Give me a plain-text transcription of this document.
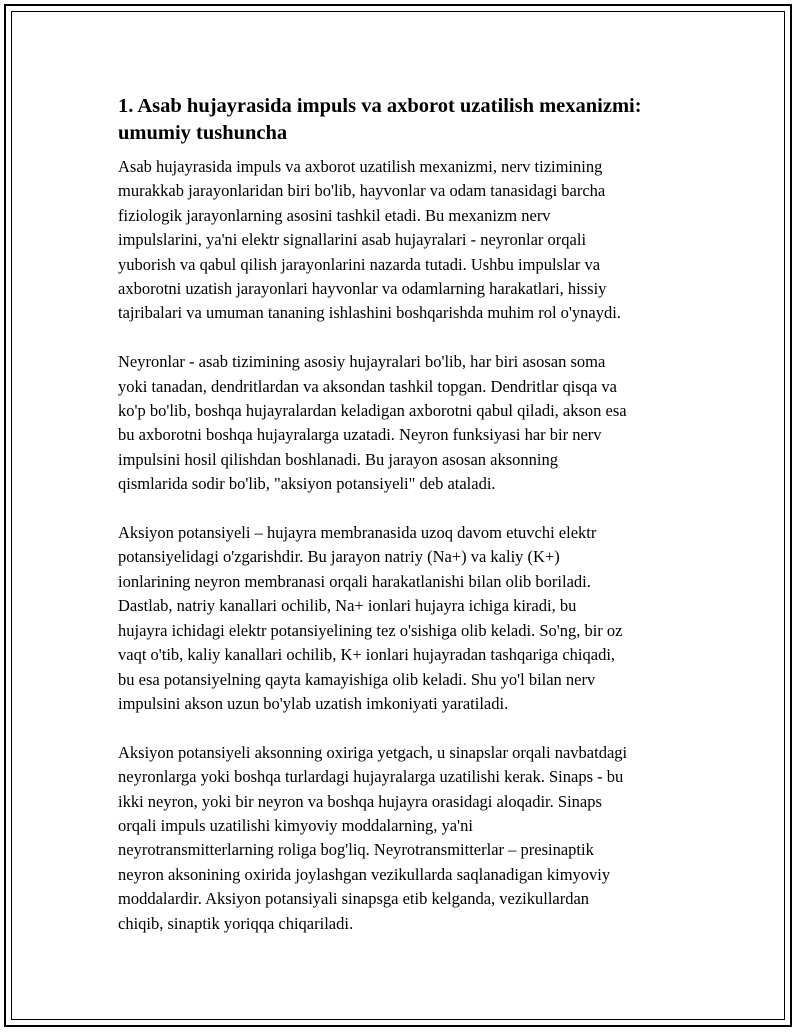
1. Asab hujayrasida impuls va axborot uzatilish mexanizmi:
umumiy tushuncha

Asab hujayrasida impuls va axborot uzatilish mexanizmi, nerv tizimining
murakkab jarayonlaridan biri bo'lib, hayvonlar va odam tanasidagi barcha
fiziologik jarayonlarning asosini tashkil etadi. Bu mexanizm nerv
impulslarini, ya'ni elektr signallarini asab hujayralari - neyronlar orqali
yuborish va qabul qilish jarayonlarini nazarda tutadi. Ushbu impulslar va
axborotni uzatish jarayonlari hayvonlar va odamlarning harakatlari, hissiy
tajribalari va umuman tananing ishlashini boshqarishda muhim rol o'ynaydi.

Neyronlar - asab tizimining asosiy hujayralari bo'lib, har biri asosan soma
yoki tanadan, dendritlardan va aksondan tashkil topgan. Dendritlar qisqa va
ko'p bo'lib, boshqa hujayralardan keladigan axborotni qabul qiladi, akson esa
bu axborotni boshqa hujayralarga uzatadi. Neyron funksiyasi har bir nerv
impulsini hosil qilishdan boshlanadi. Bu jarayon asosan aksonning
qismlarida sodir bo'lib, "aksiyon potansiyeli" deb ataladi.

Aksiyon potansiyeli – hujayra membranasida uzoq davom etuvchi elektr
potansiyelidagi o'zgarishdir. Bu jarayon natriy (Na+) va kaliy (K+)
ionlarining neyron membranasi orqali harakatlanishi bilan olib boriladi.
Dastlab, natriy kanallari ochilib, Na+ ionlari hujayra ichiga kiradi, bu
hujayra ichidagi elektr potansiyelining tez o'sishiga olib keladi. So'ng, bir oz
vaqt o'tib, kaliy kanallari ochilib, K+ ionlari hujayradan tashqariga chiqadi,
bu esa potansiyelning qayta kamayishiga olib keladi. Shu yo'l bilan nerv
impulsini akson uzun bo'ylab uzatish imkoniyati yaratiladi.

Aksiyon potansiyeli aksonning oxiriga yetgach, u sinapslar orqali navbatdagi
neyronlarga yoki boshqa turlardagi hujayralarga uzatilishi kerak. Sinaps - bu
ikki neyron, yoki bir neyron va boshqa hujayra orasidagi aloqadir. Sinaps
orqali impuls uzatilishi kimyoviy moddalarning, ya'ni
neyrotransmitterlarning roliga bog'liq. Neyrotransmitterlar – presinaptik
neyron aksonining oxirida joylashgan vezikullarda saqlanadigan kimyoviy
moddalardir. Aksiyon potansiyali sinapsga etib kelganda, vezikullardan
chiqib, sinaptik yoriqqa chiqariladi.
